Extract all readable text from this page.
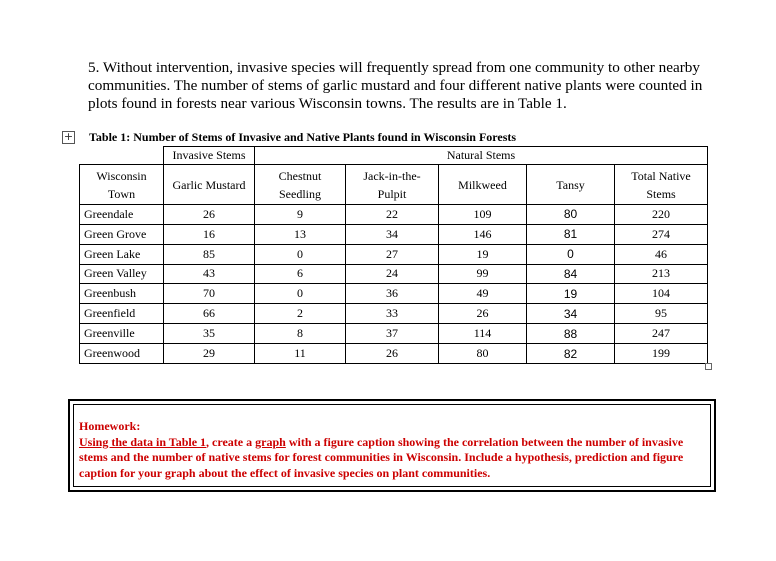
5. Without intervention, invasive species will frequently spread from one community to other nearby communities. The number of stems of garlic mustard and four different native plants were counted in plots found in forests near various Wisconsin towns. The results are in Table 1.
+ Table 1: Number of Stems of Invasive and Native Plants found in Wisconsin Forests
	Invasive Stems	Natural Stems				
Wisconsin Town	Garlic Mustard	Chestnut Seedling	Jack-in-the-Pulpit	Milkweed	Tansy	Total Native Stems
Greendale	26	9	22	109	80	220
Green Grove	16	13	34	146	81	274
Green Lake	85	0	27	19	0	46
Green Valley	43	6	24	99	84	213
Greenbush	70	0	36	49	19	104
Greenfield	66	2	33	26	34	95
Greenville	35	8	37	114	88	247
Greenwood	29	11	26	80	82	199
Homework:
Using the data in Table 1, create a graph with a figure caption showing the correlation between the number of invasive stems and the number of native stems for forest communities in Wisconsin. Include a hypothesis, prediction and figure caption for your graph about the effect of invasive species on plant communities.
